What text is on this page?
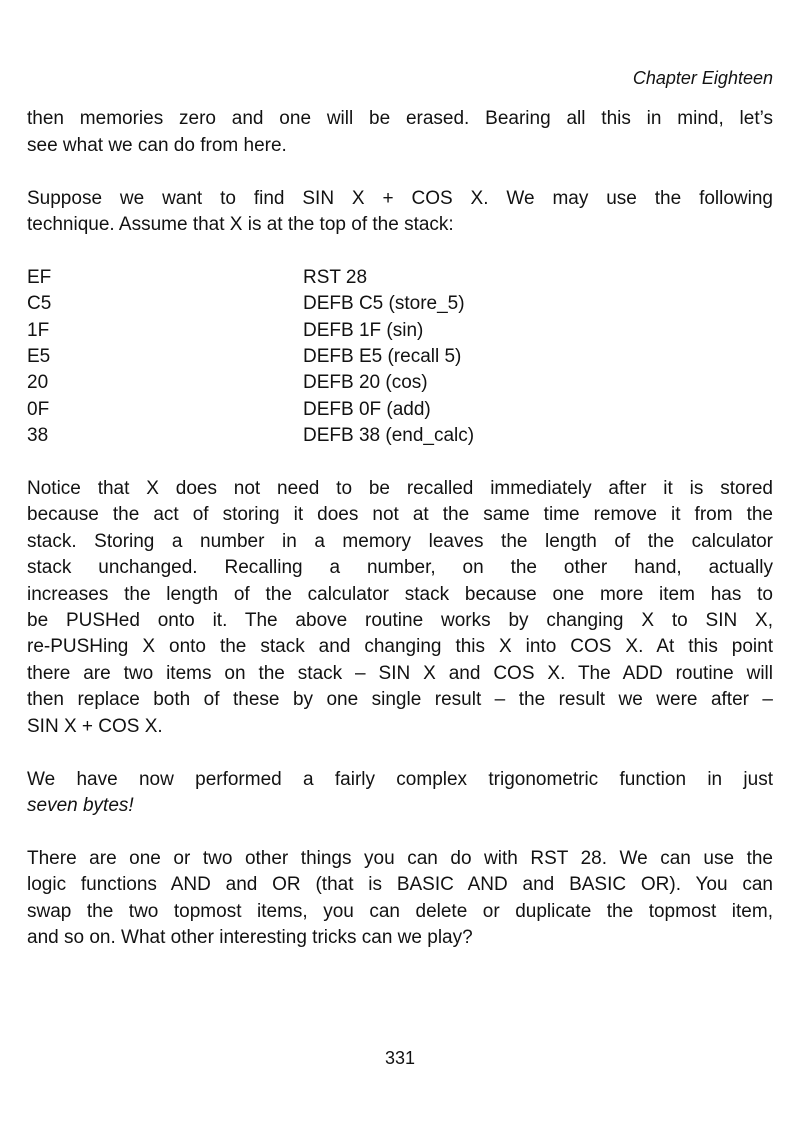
Chapter Eighteen
then memories zero and one will be erased. Bearing all this in mind, let’s
see what we can do from here.
Suppose we want to find SIN X + COS X. We may use the following
technique. Assume that X is at the top of the stack:
EF	RST 28
C5	DEFB C5 (store_5)
1F	DEFB 1F (sin)
E5	DEFB E5 (recall 5)
20	DEFB 20 (cos)
0F	DEFB 0F (add)
38	DEFB 38 (end_calc)
Notice that X does not need to be recalled immediately after it is stored
because the act of storing it does not at the same time remove it from the
stack. Storing a number in a memory leaves the length of the calculator
stack unchanged. Recalling a number, on the other hand, actually
increases the length of the calculator stack because one more item has to
be PUSHed onto it. The above routine works by changing X to SIN X,
re-PUSHing X onto the stack and changing this X into COS X. At this point
there are two items on the stack – SIN X and COS X. The ADD routine will
then replace both of these by one single result – the result we were after –
SIN X + COS X.
We have now performed a fairly complex trigonometric function in just
seven bytes!
There are one or two other things you can do with RST 28. We can use the
logic functions AND and OR (that is BASIC AND and BASIC OR). You can
swap the two topmost items, you can delete or duplicate the topmost item,
and so on. What other interesting tricks can we play?
331
